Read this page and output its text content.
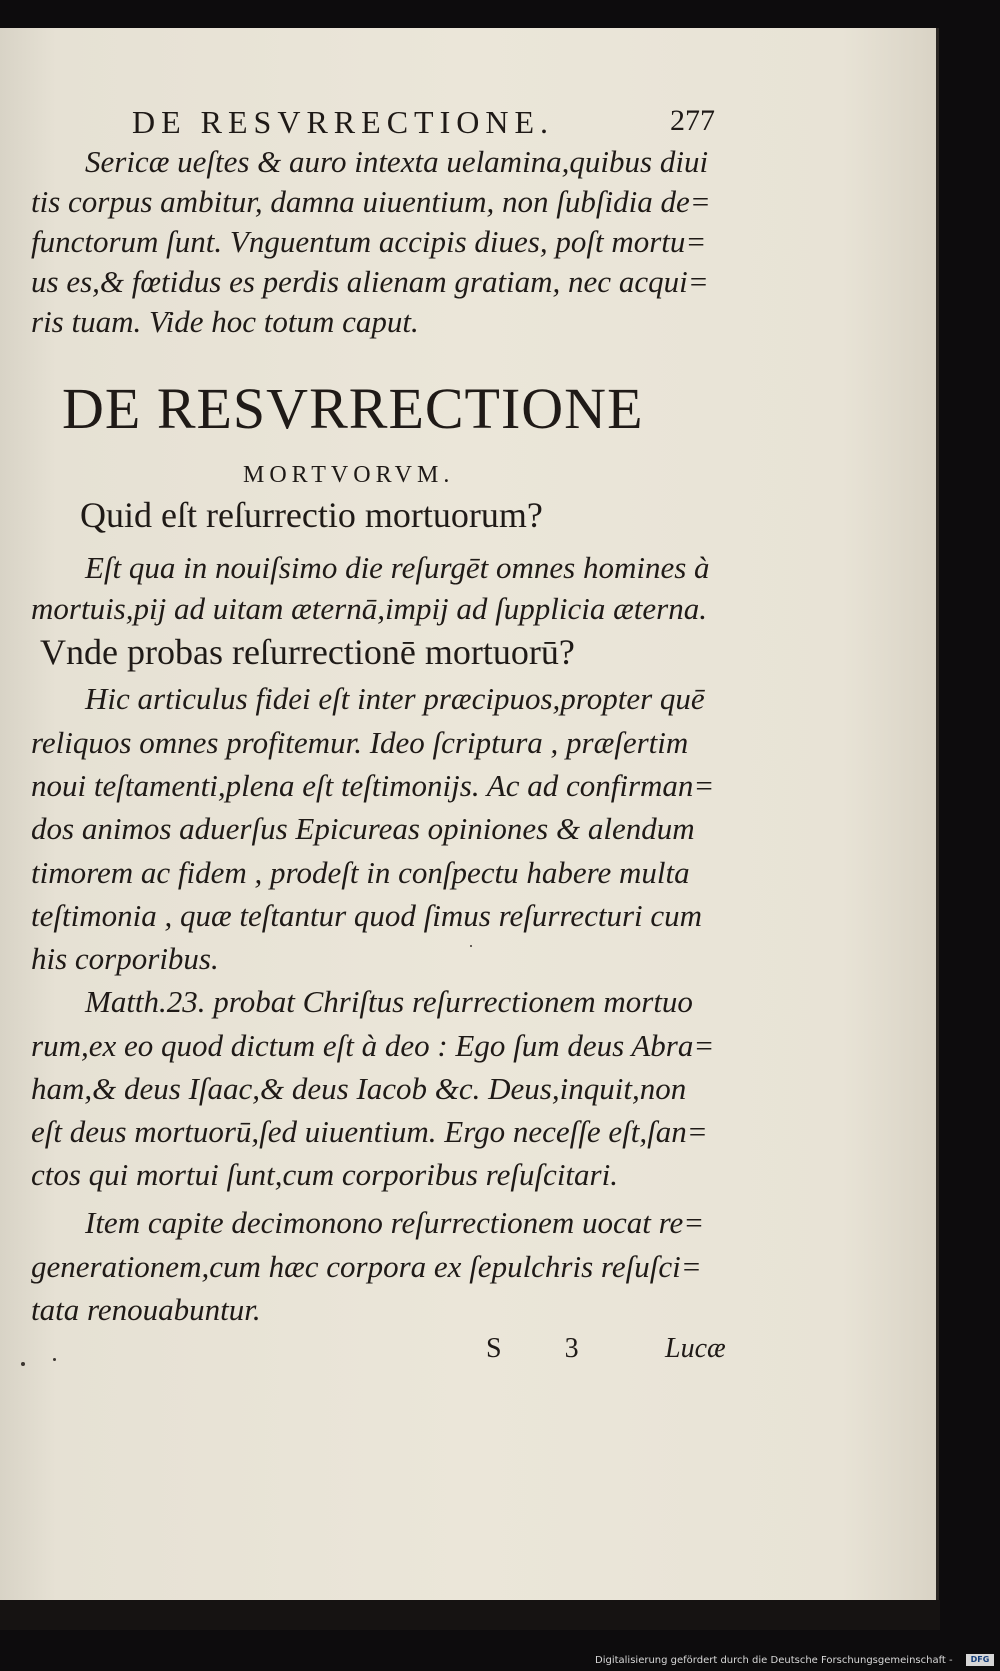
DE RESVRRECTIONE.	277
Sericæ ueſtes & auro intexta uelamina,quibus diui
tis corpus ambitur, damna uiuentium, non ſubſidia de=
functorum ſunt. Vnguentum accipis diues, poſt mortu=
us es,& fœtidus es perdis alienam gratiam, nec acqui=
ris tuam. Vide hoc totum caput.
DE RESVRRECTIONE
MORTVORVM.
Quid eſt reſurrectio mortuorum?
Eſt qua in nouiſsimo die reſurgēt omnes homines à
mortuis,pij ad uitam æternā,impij ad ſupplicia æterna.
Vnde probas reſurrectionē mortuorū?
Hic articulus fidei eſt inter præcipuos,propter quē
reliquos omnes profitemur. Ideo ſcriptura , præſertim
noui teſtamenti,plena eſt teſtimonijs. Ac ad confirman=
dos animos aduerſus Epicureas opiniones & alendum
timorem ac fidem , prodeſt in conſpectu habere multa
teſtimonia , quæ teſtantur quod ſimus reſurrecturi cum
his corporibus.
Matth.23. probat Chriſtus reſurrectionem mortuo
rum,ex eo quod dictum eſt à deo : Ego ſum deus Abra=
ham,& deus Iſaac,& deus Iacob &c. Deus,inquit,non
eſt deus mortuorū,ſed uiuentium. Ergo neceſſe eſt,ſan=
ctos qui mortui ſunt,cum corporibus reſuſcitari.
Item capite decimonono reſurrectionem uocat re=
generationem,cum hæc corpora ex ſepulchris reſuſci=
tata renouabuntur.
S 3 Lucæ
Digitalisierung gefördert durch die Deutsche Forschungsgemeinschaft -	DFG
